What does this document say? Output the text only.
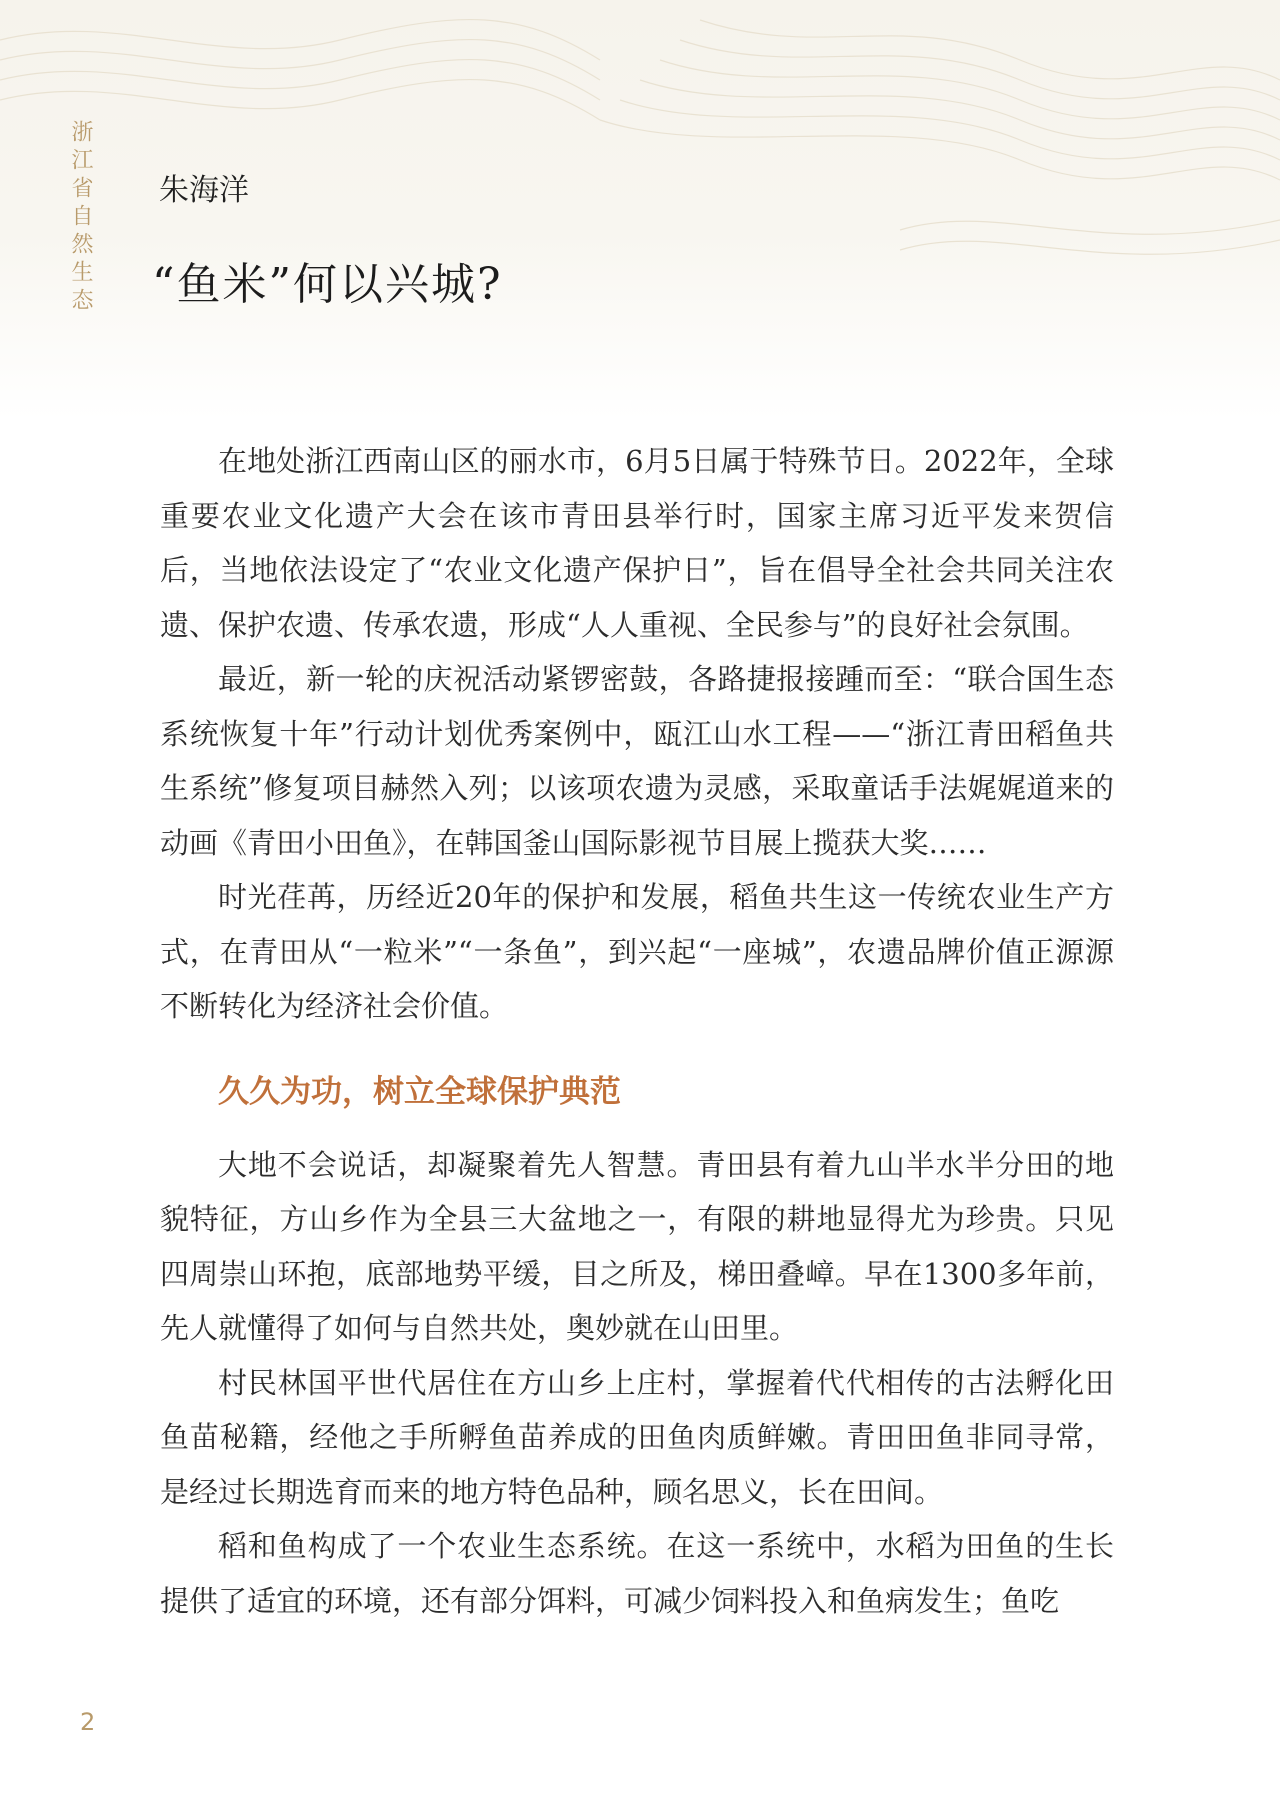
浙江省自然生态 朱海洋
“鱼米”何以兴城?

在地处浙江西南山区的丽水市，6月5日属于特殊节日。2022年，全球重要农业文化遗产大会在该市青田县举行时，国家主席习近平发来贺信后，当地依法设定了“农业文化遗产保护日”，旨在倡导全社会共同关注农遗、保护农遗、传承农遗，形成“人人重视、全民参与”的良好社会氛围。

最近，新一轮的庆祝活动紧锣密鼓，各路捷报接踵而至：“联合国生态系统恢复十年”行动计划优秀案例中，瓯江山水工程——“浙江青田稻鱼共生系统”修复项目赫然入列；以该项农遗为灵感，采取童话手法娓娓道来的动画《青田小田鱼》，在韩国釜山国际影视节目展上揽获大奖……

时光荏苒，历经近20年的保护和发展，稻鱼共生这一传统农业生产方式，在青田从“一粒米”“一条鱼”，到兴起“一座城”，农遗品牌价值正源源不断转化为经济社会价值。

久久为功，树立全球保护典范

大地不会说话，却凝聚着先人智慧。青田县有着九山半水半分田的地貌特征，方山乡作为全县三大盆地之一，有限的耕地显得尤为珍贵。只见四周崇山环抱，底部地势平缓，目之所及，梯田叠嶂。早在1300多年前，先人就懂得了如何与自然共处，奥妙就在山田里。

村民林国平世代居住在方山乡上庄村，掌握着代代相传的古法孵化田鱼苗秘籍，经他之手所孵鱼苗养成的田鱼肉质鲜嫩。青田田鱼非同寻常，是经过长期选育而来的地方特色品种，顾名思义，长在田间。

稻和鱼构成了一个农业生态系统。在这一系统中，水稻为田鱼的生长提供了适宜的环境，还有部分饵料，可减少饲料投入和鱼病发生；鱼吃

2
